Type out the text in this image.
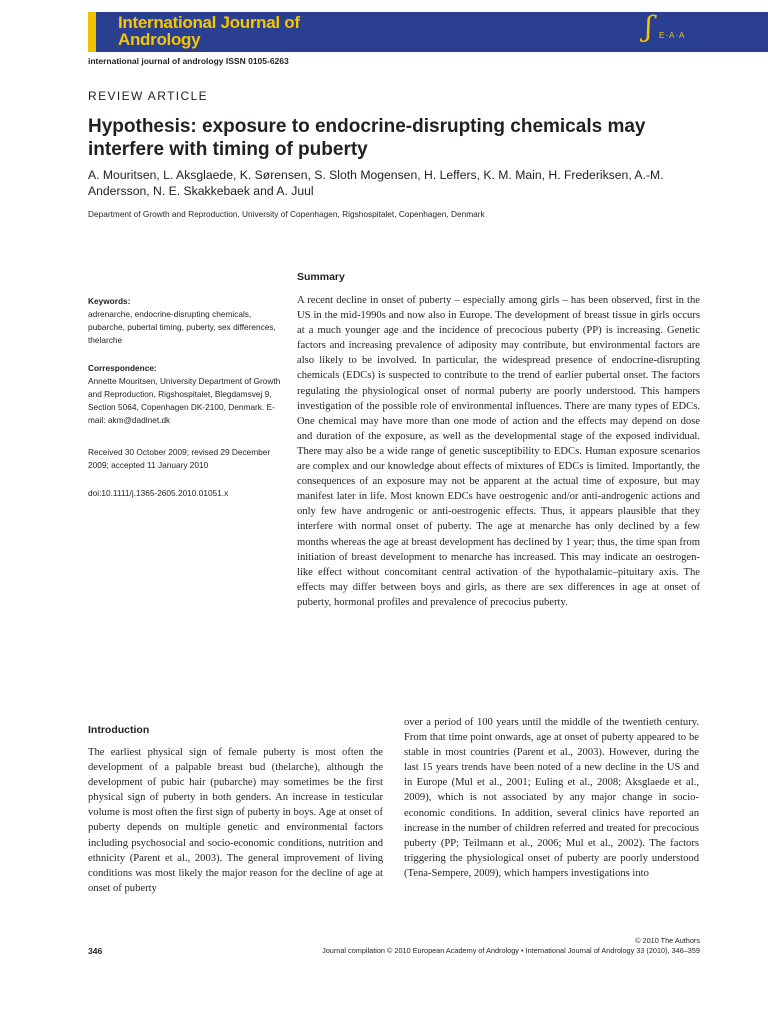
International Journal of
Andrology	ʃ E·A·A
international journal of andrology ISSN 0105-6263
REVIEW ARTICLE
Hypothesis: exposure to endocrine-disrupting chemicals may interfere with timing of puberty
A. Mouritsen, L. Aksglaede, K. Sørensen, S. Sloth Mogensen, H. Leffers, K. M. Main, H. Frederiksen, A.-M. Andersson, N. E. Skakkebaek and A. Juul
Department of Growth and Reproduction, University of Copenhagen, Rigshospitalet, Copenhagen, Denmark
Keywords:
adrenarche, endocrine-disrupting chemicals, pubarche, pubertal timing, puberty, sex differences, thelarche
Correspondence:
Annette Mouritsen, University Department of Growth and Reproduction, Rigshospitalet, Blegdamsvej 9, Section 5064, Copenhagen DK-2100, Denmark. E-mail: akm@dadlnet.dk
Received 30 October 2009; revised 29 December 2009; accepted 11 January 2010
doi:10.1111/j.1365-2605.2010.01051.x
Summary

A recent decline in onset of puberty – especially among girls – has been observed, first in the US in the mid-1990s and now also in Europe. The development of breast tissue in girls occurs at a much younger age and the incidence of precocious puberty (PP) is increasing. Genetic factors and increasing prevalence of adiposity may contribute, but environmental factors are also likely to be involved. In particular, the widespread presence of endocrine-disrupting chemicals (EDCs) is suspected to contribute to the trend of earlier pubertal onset. The factors regulating the physiological onset of normal puberty are poorly understood. This hampers investigation of the possible role of environmental influences. There are many types of EDCs. One chemical may have more than one mode of action and the effects may depend on dose and duration of the exposure, as well as the developmental stage of the exposed individual. There may also be a wide range of genetic susceptibility to EDCs. Human exposure scenarios are complex and our knowledge about effects of mixtures of EDCs is limited. Importantly, the consequences of an exposure may not be apparent at the actual time of exposure, but may manifest later in life. Most known EDCs have oestrogenic and/or anti-androgenic actions and only few have androgenic or anti-oestrogenic effects. Thus, it appears plausible that they interfere with normal onset of puberty. The age at menarche has only declined by a few months whereas the age at breast development has declined by 1 year; thus, the time span from initiation of breast development to menarche has increased. This may indicate an oestrogen-like effect without concomitant central activation of the hypothalamic–pituitary axis. The effects may differ between boys and girls, as there are sex differences in age at onset of puberty, hormonal profiles and prevalence of precocius puberty.

Introduction

The earliest physical sign of female puberty is most often the development of a palpable breast bud (thelarche), although the development of pubic hair (pubarche) may sometimes be the first physical sign of puberty in both genders. An increase in testicular volume is most often the first sign of puberty in boys. Age at onset of puberty depends on multiple genetic and environmental factors including psychosocial and socio-economic conditions, nutrition and ethnicity (Parent et al., 2003). The general improvement of living conditions was most likely the major reason for the decline of age at onset of puberty

over a period of 100 years until the middle of the twentieth century. From that time point onwards, age at onset of puberty appeared to be stable in most countries (Parent et al., 2003). However, during the last 15 years trends have been noted of a new decline in the US and in Europe (Mul et al., 2001; Euling et al., 2008; Aksglaede et al., 2009), which is not associated by any major change in socio-economic conditions. In addition, several clinics have reported an increase in the number of children referred and treated for precocious puberty (PP; Teilmann et al., 2006; Mul et al., 2002). The factors triggering the physiological onset of puberty are poorly understood (Tena-Sempere, 2009), which hampers investigations into

346
© 2010 The Authors
Journal compilation © 2010 European Academy of Andrology • International Journal of Andrology 33 (2010), 346–359
